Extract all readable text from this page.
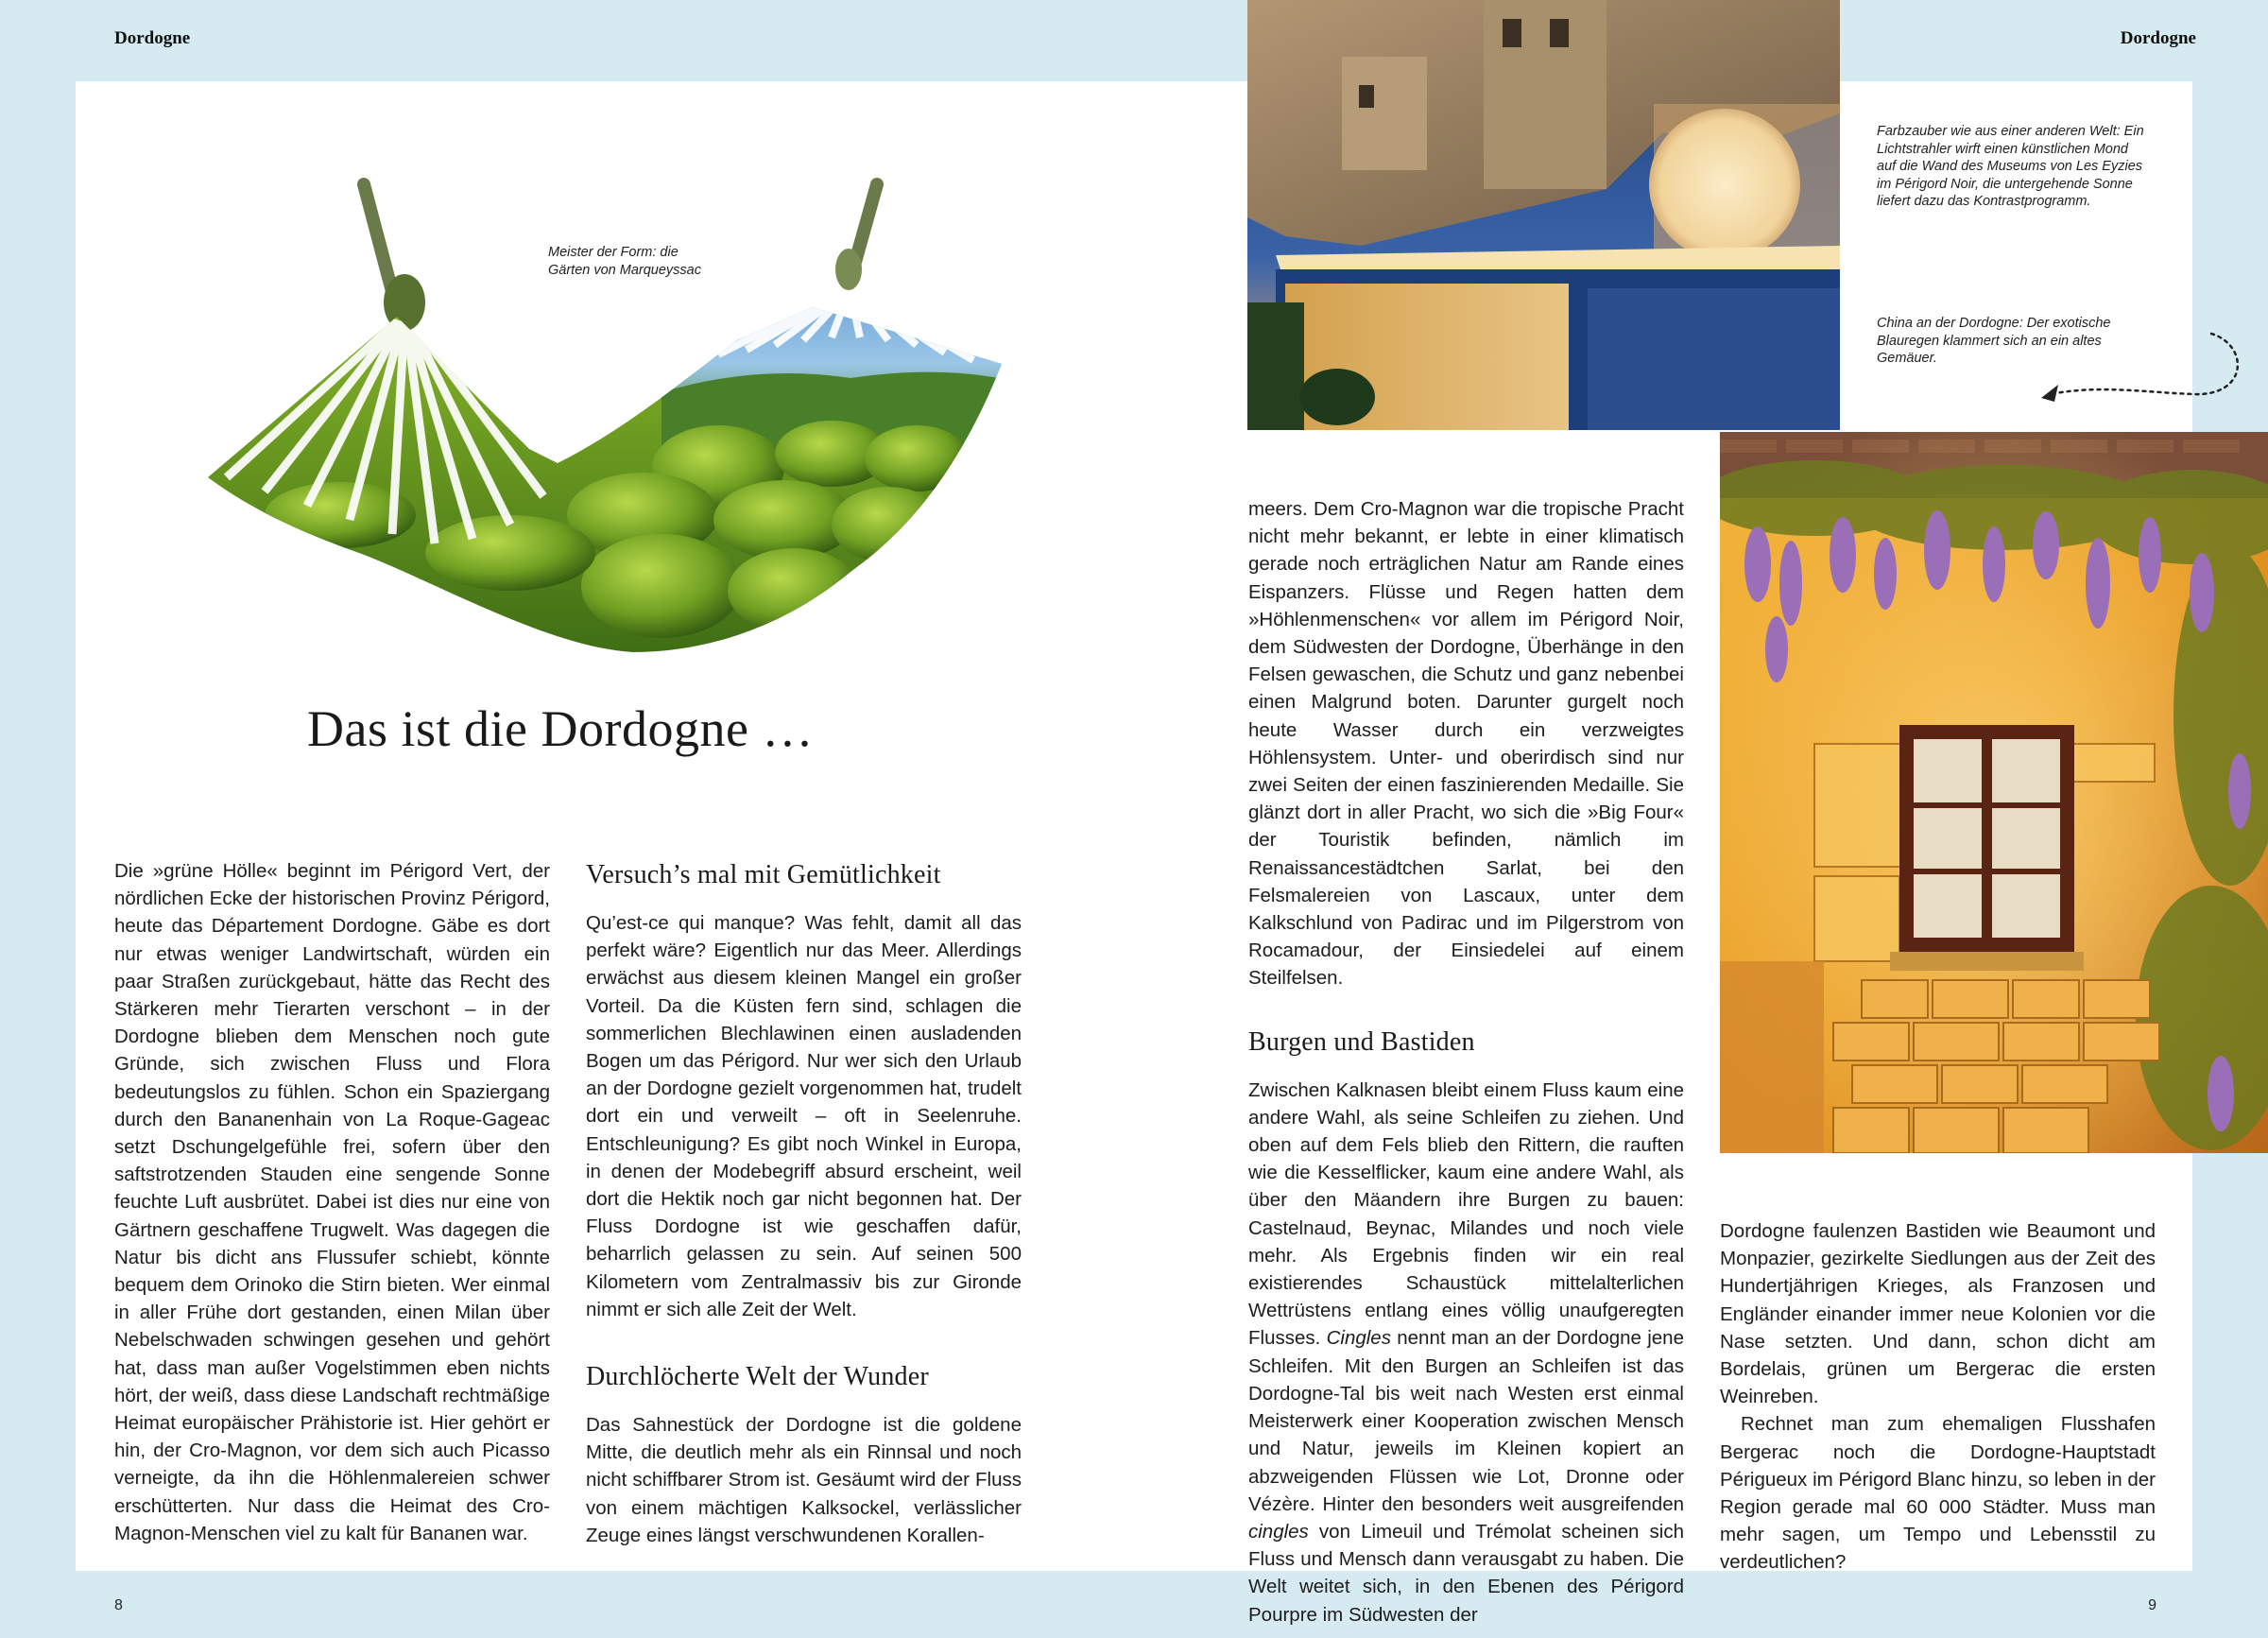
Dordogne	Dordogne
Meister der Form: die Gärten von Marqueyssac
Das ist die Dordogne …

Die »grüne Hölle« beginnt im Périgord Vert, der nördlichen Ecke der historischen Provinz Périgord, heute das Département Dordogne. Gäbe es dort nur etwas weniger Landwirtschaft, würden ein paar Straßen zurückgebaut, hätte das Recht des Stärkeren mehr Tierarten verschont – in der Dordogne blieben dem Menschen noch gute Gründe, sich zwischen Fluss und Flora bedeutungslos zu fühlen. Schon ein Spaziergang durch den Bananenhain von La Roque-Gageac setzt Dschungelgefühle frei, sofern über den saftstrotzenden Stauden eine sengende Sonne feuchte Luft ausbrütet. Dabei ist dies nur eine von Gärtnern geschaffene Trugwelt. Was dagegen die Natur bis dicht ans Flussufer schiebt, könnte bequem dem Orinoko die Stirn bieten. Wer einmal in aller Frühe dort gestanden, einen Milan über Nebelschwaden schwingen gesehen und gehört hat, dass man außer Vogelstimmen eben nichts hört, der weiß, dass diese Landschaft rechtmäßige Heimat europäischer Prähistorie ist. Hier gehört er hin, der Cro-Magnon, vor dem sich auch Picasso verneigte, da ihn die Höhlenmalereien schwer erschütterten. Nur dass die Heimat des Cro-Magnon-Menschen viel zu kalt für Bananen war.

Versuch’s mal mit Gemütlichkeit

Qu’est-ce qui manque? Was fehlt, damit all das perfekt wäre? Eigentlich nur das Meer. Allerdings erwächst aus diesem kleinen Mangel ein großer Vorteil. Da die Küsten fern sind, schlagen die sommerlichen Blechlawinen einen ausladenden Bogen um das Périgord. Nur wer sich den Urlaub an der Dordogne gezielt vorgenommen hat, trudelt dort ein und verweilt – oft in Seelenruhe. Entschleunigung? Es gibt noch Winkel in Europa, in denen der Modebegriff absurd erscheint, weil dort die Hektik noch gar nicht begonnen hat. Der Fluss Dordogne ist wie geschaffen dafür, beharrlich gelassen zu sein. Auf seinen 500 Kilometern vom Zentralmassiv bis zur Gironde nimmt er sich alle Zeit der Welt.

Durchlöcherte Welt der Wunder

Das Sahnestück der Dordogne ist die goldene Mitte, die deutlich mehr als ein Rinnsal und noch nicht schiffbarer Strom ist. Gesäumt wird der Fluss von einem mächtigen Kalksockel, verlässlicher Zeuge eines längst verschwundenen Korallen-

Farbzauber wie aus einer anderen Welt: Ein Lichtstrahler wirft einen künstlichen Mond auf die Wand des Museums von Les Eyzies im Périgord Noir, die untergehende Sonne liefert dazu das Kontrastprogramm.
China an der Dordogne: Der exotische Blauregen klammert sich an ein altes Gemäuer.

meers. Dem Cro-Magnon war die tropische Pracht nicht mehr bekannt, er lebte in einer klimatisch gerade noch erträglichen Natur am Rande eines Eispanzers. Flüsse und Regen hatten dem »Höhlenmenschen« vor allem im Périgord Noir, dem Südwesten der Dordogne, Überhänge in den Felsen gewaschen, die Schutz und ganz nebenbei einen Malgrund boten. Darunter gurgelt noch heute Wasser durch ein verzweigtes Höhlensystem. Unter- und oberirdisch sind nur zwei Seiten der einen faszinierenden Medaille. Sie glänzt dort in aller Pracht, wo sich die »Big Four« der Touristik befinden, nämlich im Renaissancestädtchen Sarlat, bei den Felsmalereien von Lascaux, unter dem Kalkschlund von Padirac und im Pilgerstrom von Rocamadour, der Einsiedelei auf einem Steilfelsen.

Burgen und Bastiden

Zwischen Kalknasen bleibt einem Fluss kaum eine andere Wahl, als seine Schleifen zu ziehen. Und oben auf dem Fels blieb den Rittern, die rauften wie die Kesselflicker, kaum eine andere Wahl, als über den Mäandern ihre Burgen zu bauen: Castelnaud, Beynac, Milandes und noch viele mehr. Als Ergebnis finden wir ein real existierendes Schaustück mittelalterlichen Wettrüstens entlang eines völlig unaufgeregten Flusses. Cingles nennt man an der Dordogne jene Schleifen. Mit den Burgen an Schleifen ist das Dordogne-Tal bis weit nach Westen erst einmal Meisterwerk einer Kooperation zwischen Mensch und Natur, jeweils im Kleinen kopiert an abzweigenden Flüssen wie Lot, Dronne oder Vézère. Hinter den besonders weit ausgreifenden cingles von Limeuil und Trémolat scheinen sich Fluss und Mensch dann verausgabt zu haben. Die Welt weitet sich, in den Ebenen des Périgord Pourpre im Südwesten der

Dordogne faulenzen Bastiden wie Beaumont und Monpazier, gezirkelte Siedlungen aus der Zeit des Hundertjährigen Krieges, als Franzosen und Engländer einander immer neue Kolonien vor die Nase setzten. Und dann, schon dicht am Bordelais, grünen um Bergerac die ersten Weinreben.

Rechnet man zum ehemaligen Flusshafen Bergerac noch die Dordogne-Hauptstadt Périgueux im Périgord Blanc hinzu, so leben in der Region gerade mal 60 000 Städter. Muss man mehr sagen, um Tempo und Lebensstil zu verdeutlichen?

8	9
